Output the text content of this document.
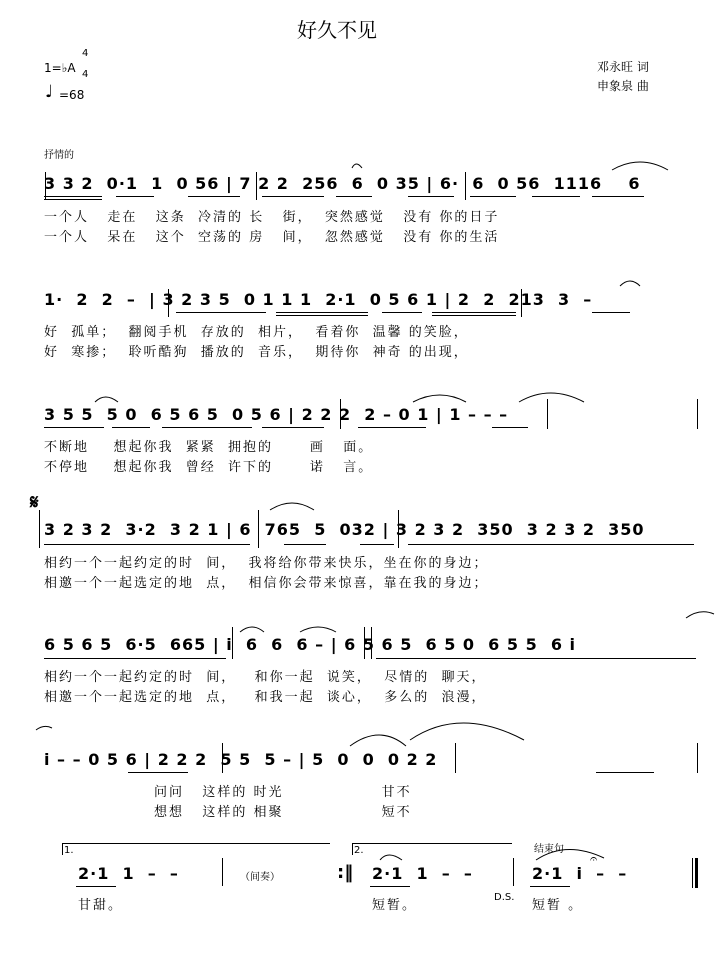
好久不见
1=♭A
4
4
♩ =68
邓永旺 词
申象泉 曲
抒情的
3 3 2  0·1  1  0 56 | 7 2 2  256  6  0 35 | 6·  6  0 56  1116    6
一个人   走在   这条  冷清的 长   街，  突然感觉   没有 你的日子
一个人   呆在   这个  空荡的 房   间，  忽然感觉   没有 你的生活
1·  2  2  –  | 3 2 3 5  0 1 1 1  2·1  0 5 6 1 | 2  2  213  3  –
好  孤单；  翻阅手机  存放的  相片，  看着你  温馨 的笑脸，
好  寒掺；  聆听酷狗  播放的  音乐，  期待你  神奇 的出现，
3 5 5  5 0  6 5 6 5  0 5 6 | 2 2 2  2 – 0 1 | 1 – – –
不断地    想起你我  紧紧  拥抱的      画   面。
不停地    想起你我  曾经  许下的      诺   言。
𝄋
3 2 3 2  3·2  3 2 1 | 6  765  5  032 | 3 2 3 2  350  3 2 3 2  350
相约一个一起约定的时  间，  我将给你带来快乐，坐在你的身边；
相邀一个一起选定的地  点，  相信你会带来惊喜，靠在我的身边；
6 5 6 5  6·5  665 | i  6  6  6 – | 6 5 6 5  6 5 0  6 5 5  6 i
相约一个一起约定的时  间，   和你一起  说笑，  尽情的  聊天，
相邀一个一起选定的地  点，   和我一起  谈心，  多么的  浪漫，
i – – 0 5 6 | 2 2 2  5 5  5 – | 5  0  0  0 2 2
问问   这样的 时光                甘不
想想   这样的 相聚                短不
1.	2.	结束句
2·1  1  –  –	（间奏）	:‖ 2·1  1  –  –
D.S.
2·1  i  –  –
𝄐
甘甜。	短暂。	短暂 。
